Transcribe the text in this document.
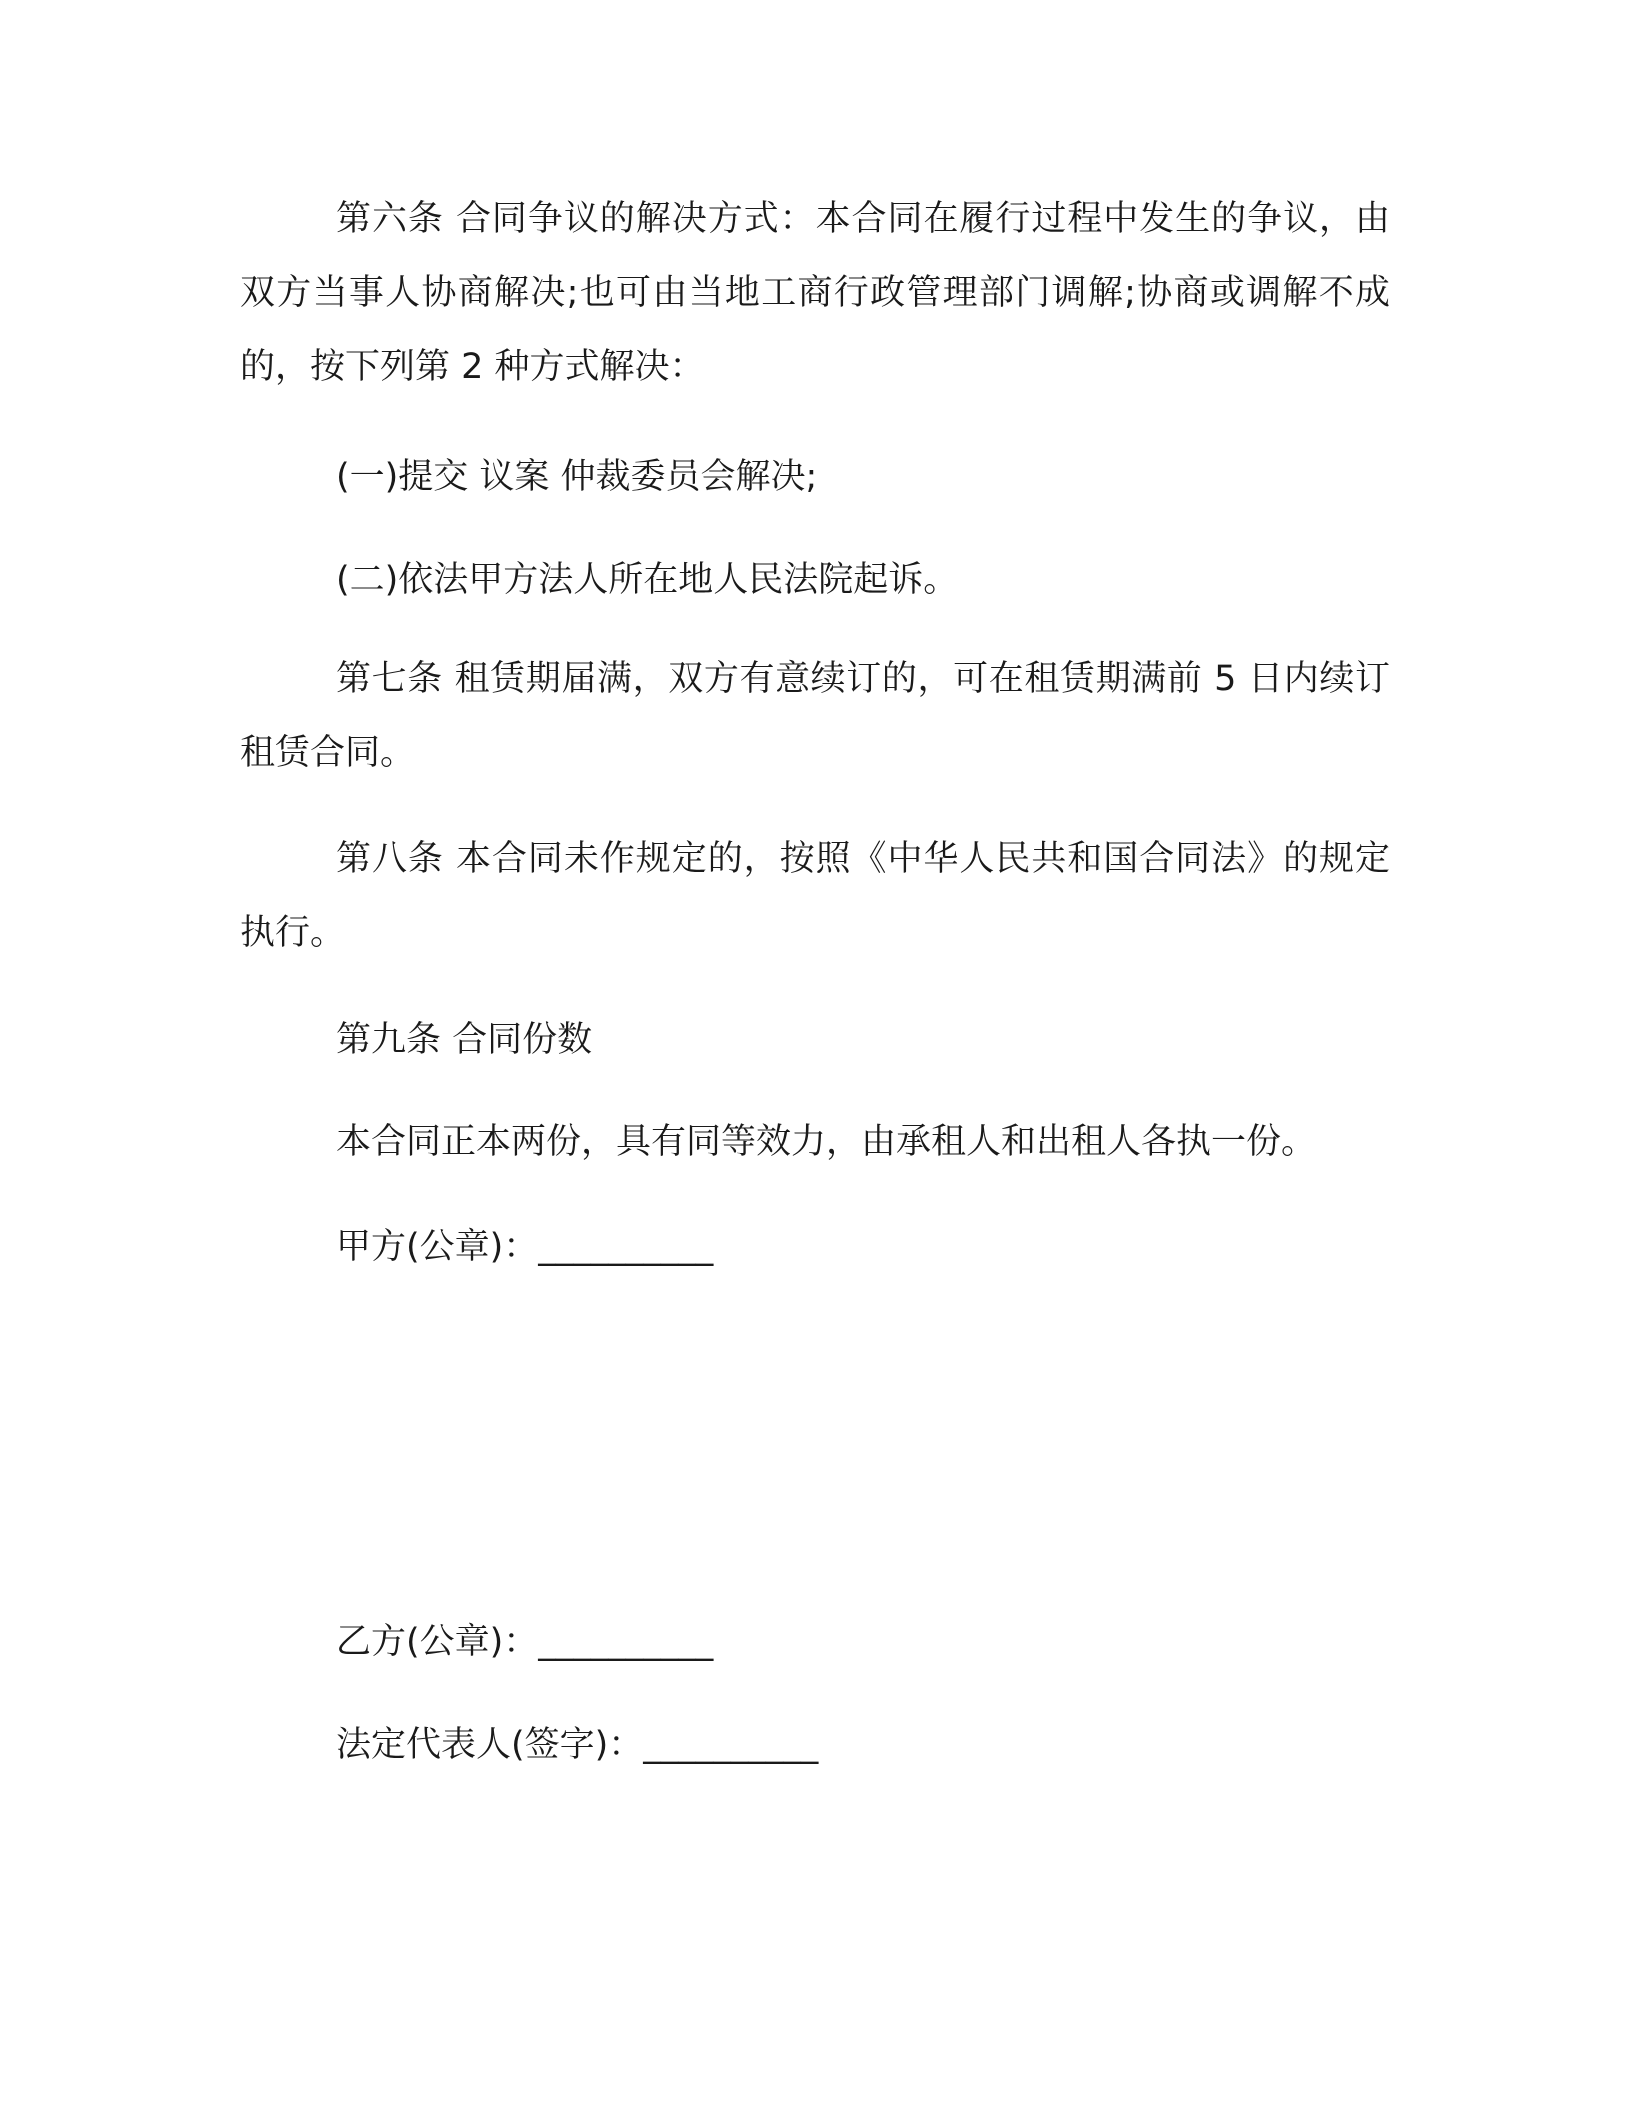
第六条 合同争议的解决方式：本合同在履行过程中发生的争议，由双方当事人协商解决;也可由当地工商行政管理部门调解;协商或调解不成的，按下列第 2 种方式解决：

(一)提交 议案 仲裁委员会解决;

(二)依法甲方法人所在地人民法院起诉。

第七条 租赁期届满，双方有意续订的，可在租赁期满前 5 日内续订租赁合同。

第八条 本合同未作规定的，按照《中华人民共和国合同法》的规定执行。

第九条 合同份数

本合同正本两份，具有同等效力，由承租人和出租人各执一份。

甲方(公章)：__________

乙方(公章)：__________

法定代表人(签字)：__________
